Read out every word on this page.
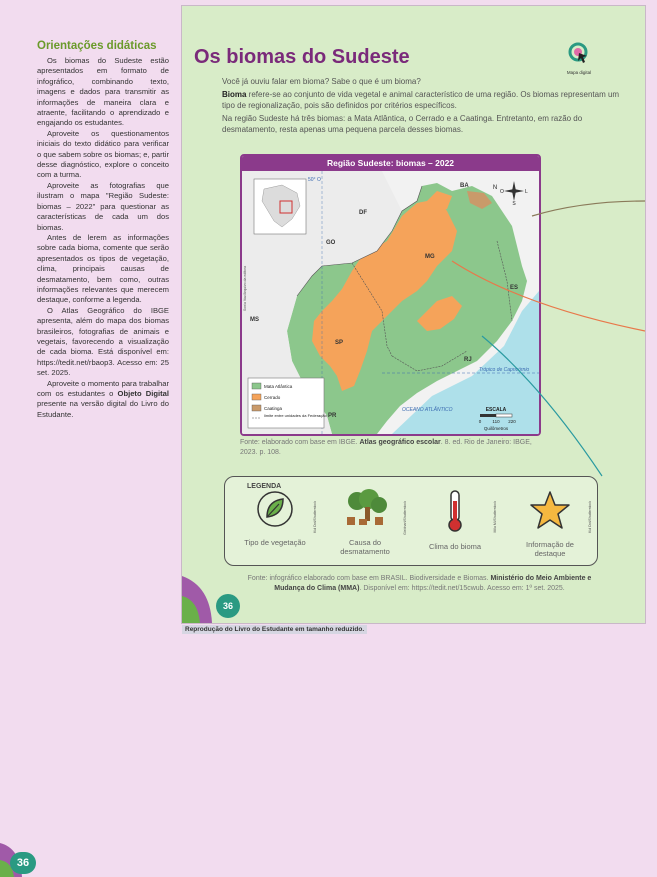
Orientações didáticas

Os biomas do Sudeste estão apresentados em formato de infográfico, combinando texto, imagens e dados para transmitir as informações de maneira clara e atraente, facilitando o aprendizado e engajando os estudantes.

Aproveite os questionamentos iniciais do texto didático para verificar o que sabem sobre os biomas; e, partir desse diagnóstico, explore o conceito com a turma.

Aproveite as fotografias que ilustram o mapa "Região Sudeste: biomas – 2022" para questionar as características de cada um dos biomas.

Antes de lerem as informações sobre cada bioma, comente que serão apresentados os tipos de vegetação, clima, principais causas de desmatamento, bem como, outras informações relevantes que merecem destaque, conforme a legenda.

O Atlas Geográfico do IBGE apresenta, além do mapa dos biomas brasileiros, fotografias de animais e vegetais, favorecendo a visualização de cada bioma. Está disponível em: https://tedit.net/rbaop3. Acesso em: 25 set. 2025.

Aproveite o momento para trabalhar com os estudantes o Objeto Digital presente na versão digital do Livro do Estudante.

36
Os biomas do Sudeste
Mapa digital

Você já ouviu falar em bioma? Sabe o que é um bioma?

Bioma refere-se ao conjunto de vida vegetal e animal característico de uma região. Os biomas representam um tipo de regionalização, pois são definidos por critérios específicos.

Na região Sudeste há três biomas: a Mata Atlântica, o Cerrado e a Caatinga. Entretanto, em razão do desmatamento, resta apenas uma pequena parcela desses biomas.

Região Sudeste: biomas – 2022
N
L
O
S
50° O
BA
DF
GO
MG
ES
MS
SP
RJ
PR
Trópico de Capricórnio
OCEANO ATLÂNTICO	ESCALA
0 110 220
Quilômetros
Mata Atlântica
Cerrado
Caatinga
limite entre unidades da Federação
Sonia Vaz/Arquivo da editora
Fonte: elaborado com base em IBGE. Atlas geográfico escolar. 8. ed. Rio de Janeiro: IBGE, 2023. p. 108.
LEGENDA
Kid Dot/Shutterstock
Tipo de vegetação
Giebhart/Shutterstock
Causa do desmatamento
Mila Mi/Shutterstock
Clima do bioma
Kid Dot/Shutterstock
Informação de destaque
Fonte: infográfico elaborado com base em BRASIL. Biodiversidade e Biomas. Ministério do Meio Ambiente e Mudança do Clima (MMA). Disponível em: https://tedit.net/15cwub. Acesso em: 1º set. 2025.
36
Reprodução do Livro do Estudante em tamanho reduzido.
